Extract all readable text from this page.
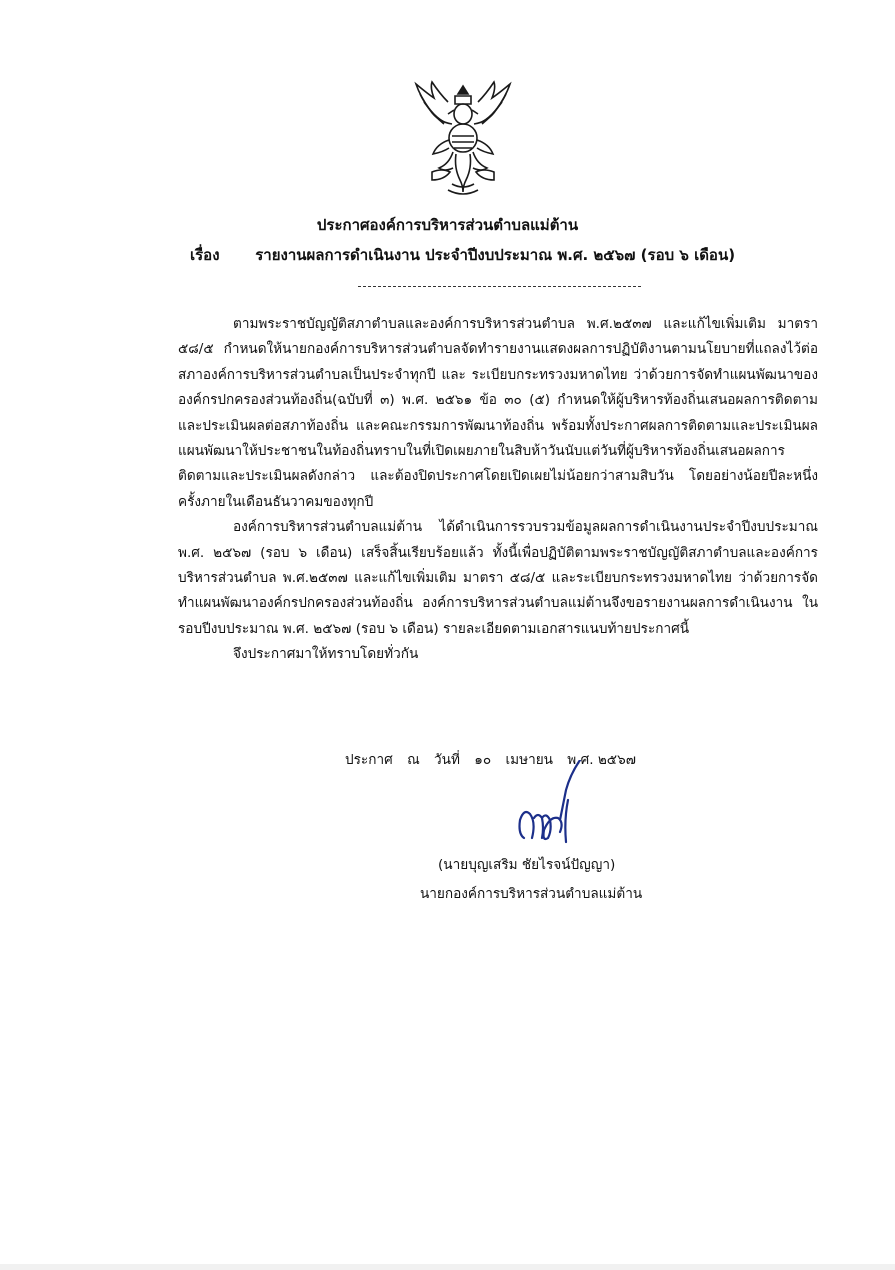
ประกาศองค์การบริหารส่วนตำบลแม่ต้าน
เรื่อง รายงานผลการดำเนินงาน ประจำปีงบประมาณ พ.ศ. ๒๕๖๗ (รอบ ๖ เดือน)

ตามพระราชบัญญัติสภาตำบลและองค์การบริหารส่วนตำบล พ.ศ.๒๕๓๗ และแก้ไขเพิ่มเติม มาตรา ๕๘/๕ กำหนดให้นายกองค์การบริหารส่วนตำบลจัดทำรายงานแสดงผลการปฏิบัติงานตามนโยบายที่แถลงไว้ต่อสภาองค์การบริหารส่วนตำบลเป็นประจำทุกปี และ ระเบียบกระทรวงมหาดไทย ว่าด้วยการจัดทำแผนพัฒนาขององค์กรปกครองส่วนท้องถิ่น(ฉบับที่ ๓) พ.ศ. ๒๕๖๑ ข้อ ๓๐ (๕) กำหนดให้ผู้บริหารท้องถิ่นเสนอผลการติดตามและประเมินผลต่อสภาท้องถิ่น และคณะกรรมการพัฒนาท้องถิ่น พร้อมทั้งประกาศผลการติดตามและประเมินผลแผนพัฒนาให้ประชาชนในท้องถิ่นทราบในที่เปิดเผยภายในสิบห้าวันนับแต่วันที่ผู้บริหารท้องถิ่นเสนอผลการติดตามและประเมินผลดังกล่าว และต้องปิดประกาศโดยเปิดเผยไม่น้อยกว่าสามสิบวัน โดยอย่างน้อยปีละหนึ่งครั้งภายในเดือนธันวาคมของทุกปี

องค์การบริหารส่วนตำบลแม่ต้าน ได้ดำเนินการรวบรวมข้อมูลผลการดำเนินงานประจำปีงบประมาณ พ.ศ. ๒๕๖๗ (รอบ ๖ เดือน) เสร็จสิ้นเรียบร้อยแล้ว ทั้งนี้เพื่อปฏิบัติตามพระราชบัญญัติสภาตำบลและองค์การบริหารส่วนตำบล พ.ศ.๒๕๓๗ และแก้ไขเพิ่มเติม มาตรา ๕๘/๕ และระเบียบกระทรวงมหาดไทย ว่าด้วยการจัดทำแผนพัฒนาองค์กรปกครองส่วนท้องถิ่น องค์การบริหารส่วนตำบลแม่ต้านจึงขอรายงานผลการดำเนินงาน ในรอบปีงบประมาณ พ.ศ. ๒๕๖๗ (รอบ ๖ เดือน) รายละเอียดตามเอกสารแนบท้ายประกาศนี้

จึงประกาศมาให้ทราบโดยทั่วกัน

ประกาศ ณ วันที่ ๑๐ เมษายน พ.ศ. ๒๕๖๗
(นายบุญเสริม ชัยไรจน์ปัญญา)
นายกองค์การบริหารส่วนตำบลแม่ต้าน
